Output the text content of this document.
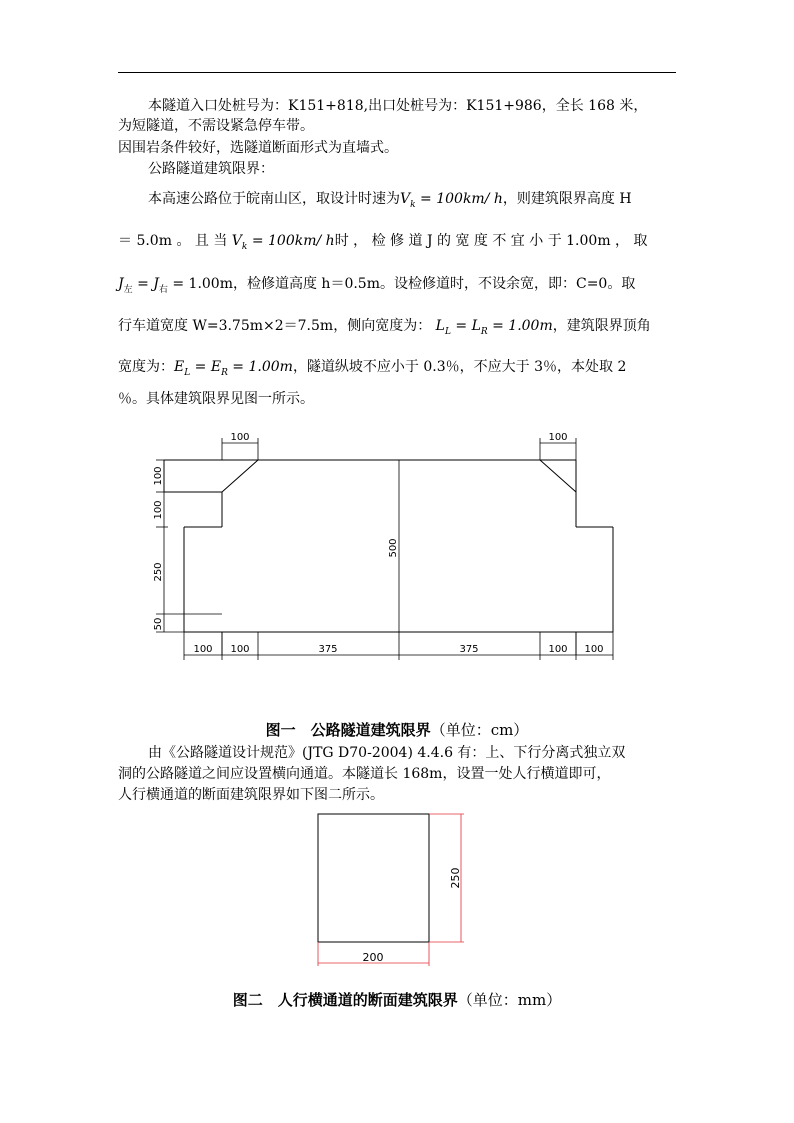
本隧道入口处桩号为：K151+818,出口处桩号为：K151+986，全长 168 米，
为短隧道，不需设紧急停车带。
因围岩条件较好，选隧道断面形式为直墙式。
公路隧道建筑限界：
本高速公路位于皖南山区，取设计时速为$V_k = 100km/$ h，则建筑限界高度 H
＝ 5.0m 。 且 当 $V_k = 100km/$ h时 ， 检 修 道 J 的 宽 度 不 宜 小 于 1.00m ， 取
$J_左 = J_右 = 1.00m$，检修道高度 h＝0.5m。设检修道时，不设余宽，即：C=0。取
行车道宽度 W=3.75m×2＝7.5m，侧向宽度为： $L_L = L_R = 1.00m$，建筑限界顶角
宽度为：$E_L = E_R = 1.00m$，隧道纵坡不应小于 0.3％，不应大于 3％，本处取 2
％。具体建筑限界见图一所示。
100	100
100
100
250
50
500
100 100	375	375	100 100
250
200
图一　公路隧道建筑限界（单位：cm）
由《公路隧道设计规范》(JTG D70-2004) 4.4.6 有：上、下行分离式独立双
洞的公路隧道之间应设置横向通道。本隧道长 168m，设置一处人行横道即可，
人行横通道的断面建筑限界如下图二所示。
图二　人行横通道的断面建筑限界（单位：mm）
